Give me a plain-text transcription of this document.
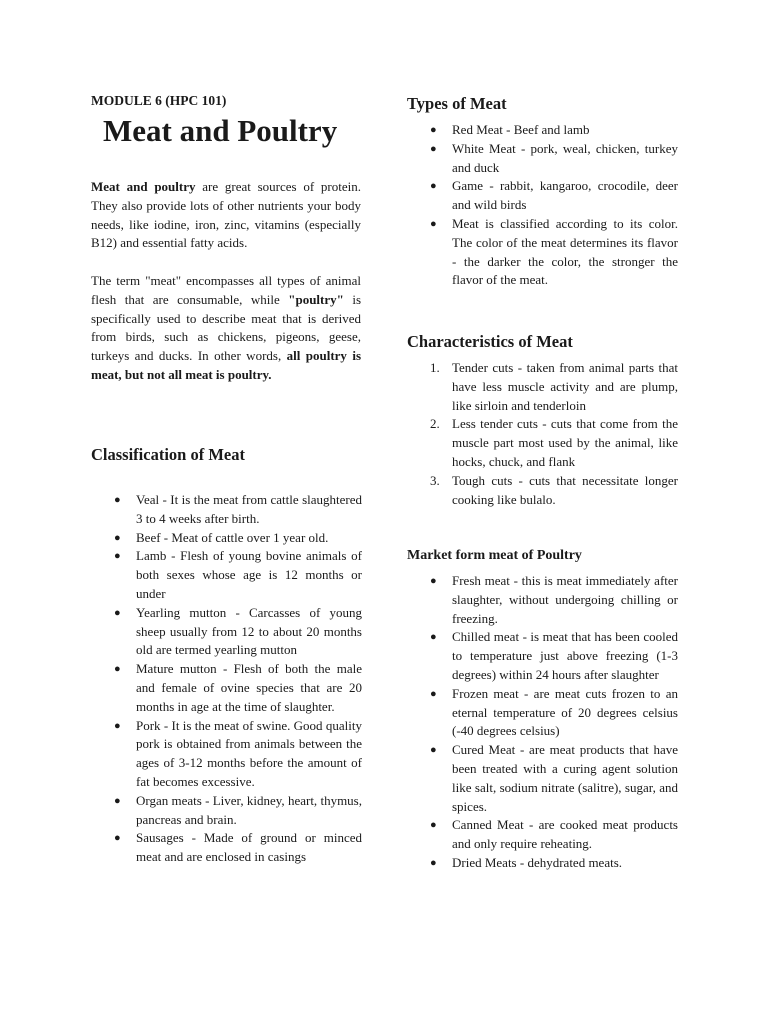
MODULE 6 (HPC 101)
Meat and Poultry

Meat and poultry are great sources of protein. They also provide lots of other nutrients your body needs, like iodine, iron, zinc, vitamins (especially B12) and essential fatty acids.

The term "meat" encompasses all types of animal flesh that are consumable, while "poultry" is specifically used to describe meat that is derived from birds, such as chickens, pigeons, geese, turkeys and ducks. In other words, all poultry is meat, but not all meat is poultry.

Classification of Meat
● Veal - It is the meat from cattle slaughtered 3 to 4 weeks after birth.
● Beef - Meat of cattle over 1 year old.
● Lamb - Flesh of young bovine animals of both sexes whose age is 12 months or under
● Yearling mutton - Carcasses of young sheep usually from 12 to about 20 months old are termed yearling mutton
● Mature mutton - Flesh of both the male and female of ovine species that are 20 months in age at the time of slaughter.
● Pork - It is the meat of swine. Good quality pork is obtained from animals between the ages of 3-12 months before the amount of fat becomes excessive.
● Organ meats - Liver, kidney, heart, thymus, pancreas and brain.
● Sausages - Made of ground or minced meat and are enclosed in casings
Types of Meat
● Red Meat - Beef and lamb
● White Meat - pork, weal, chicken, turkey and duck
● Game - rabbit, kangaroo, crocodile, deer and wild birds
● Meat is classified according to its color. The color of the meat determines its flavor - the darker the color, the stronger the flavor of the meat.
Characteristics of Meat
1. Tender cuts - taken from animal parts that have less muscle activity and are plump, like sirloin and tenderloin
2. Less tender cuts - cuts that come from the muscle part most used by the animal, like hocks, chuck, and flank
3. Tough cuts - cuts that necessitate longer cooking like bulalo.
Market form meat of Poultry
● Fresh meat - this is meat immediately after slaughter, without undergoing chilling or freezing.
● Chilled meat - is meat that has been cooled to temperature just above freezing (1-3 degrees) within 24 hours after slaughter
● Frozen meat - are meat cuts frozen to an eternal temperature of 20 degrees celsius (-40 degrees celsius)
● Cured Meat - are meat products that have been treated with a curing agent solution like salt, sodium nitrate (salitre), sugar, and spices.
● Canned Meat - are cooked meat products and only require reheating.
● Dried Meats - dehydrated meats.
